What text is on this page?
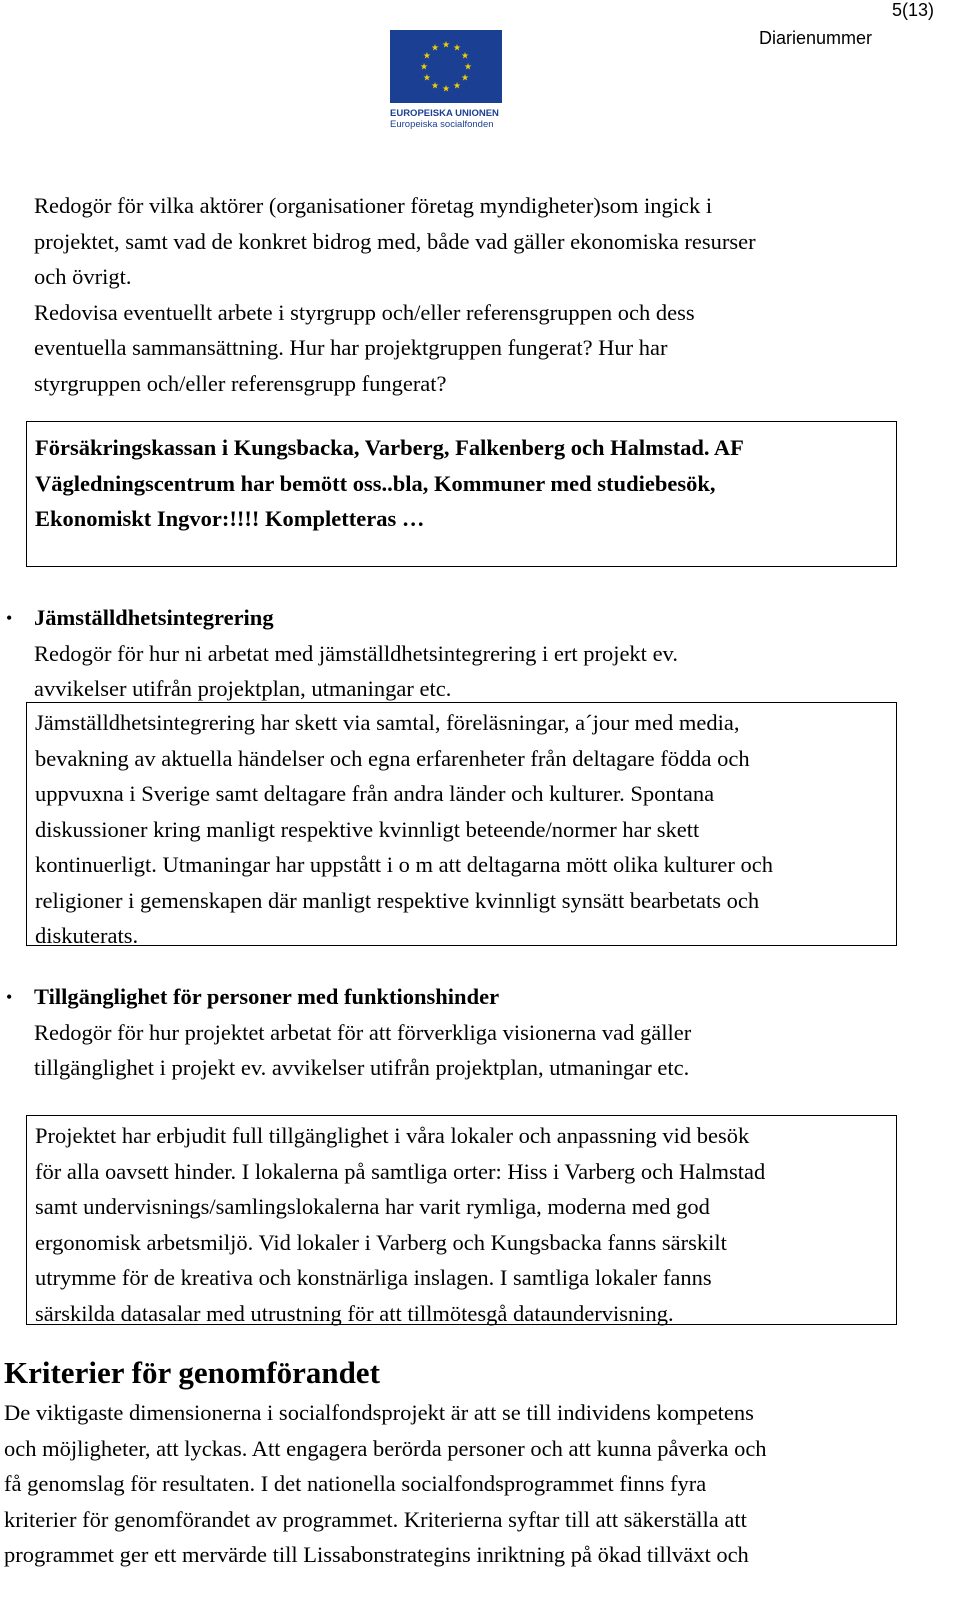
5(13)
Diarienummer
★ ★
★
★
★
★
★
★
★
★
★
★
EUROPEISKA UNIONEN
Europeiska socialfonden

Redogör för vilka aktörer (organisationer företag myndigheter)som ingick i

projektet, samt vad de konkret bidrog med, både vad gäller ekonomiska resurser

och övrigt.

Redovisa eventuellt arbete i styrgrupp och/eller referensgruppen och dess

eventuella sammansättning. Hur har projektgruppen fungerat? Hur har

styrgruppen och/eller referensgrupp fungerat?

Försäkringskassan i Kungsbacka, Varberg, Falkenberg och Halmstad. AF

Vägledningscentrum har bemött oss..bla, Kommuner med studiebesök,

Ekonomiskt Ingvor:!!!! Kompletteras …

• Jämställdhetsintegrering

Redogör för hur ni arbetat med jämställdhetsintegrering i ert projekt ev.

avvikelser utifrån projektplan, utmaningar etc.

Jämställdhetsintegrering har skett via samtal, föreläsningar, a´jour med media,

bevakning av aktuella händelser och egna erfarenheter från deltagare födda och

uppvuxna i Sverige samt deltagare från andra länder och kulturer. Spontana

diskussioner kring manligt respektive kvinnligt beteende/normer har skett

kontinuerligt. Utmaningar har uppstått i o m att deltagarna mött olika kulturer och

religioner i gemenskapen där manligt respektive kvinnligt synsätt bearbetats och

diskuterats.

• Tillgänglighet för personer med funktionshinder

Redogör för hur projektet arbetat för att förverkliga visionerna vad gäller

tillgänglighet i projekt ev. avvikelser utifrån projektplan, utmaningar etc.

Projektet har erbjudit full tillgänglighet i våra lokaler och anpassning vid besök

för alla oavsett hinder. I lokalerna på samtliga orter: Hiss i Varberg och Halmstad

samt undervisnings/samlingslokalerna har varit rymliga, moderna med god

ergonomisk arbetsmiljö. Vid lokaler i Varberg och Kungsbacka fanns särskilt

utrymme för de kreativa och konstnärliga inslagen. I samtliga lokaler fanns

särskilda datasalar med utrustning för att tillmötesgå dataundervisning.

Kriterier för genomförandet

De viktigaste dimensionerna i socialfondsprojekt är att se till individens kompetens

och möjligheter, att lyckas. Att engagera berörda personer och att kunna påverka och

få genomslag för resultaten. I det nationella socialfondsprogrammet finns fyra

kriterier för genomförandet av programmet. Kriterierna syftar till att säkerställa att

programmet ger ett mervärde till Lissabonstrategins inriktning på ökad tillväxt och
